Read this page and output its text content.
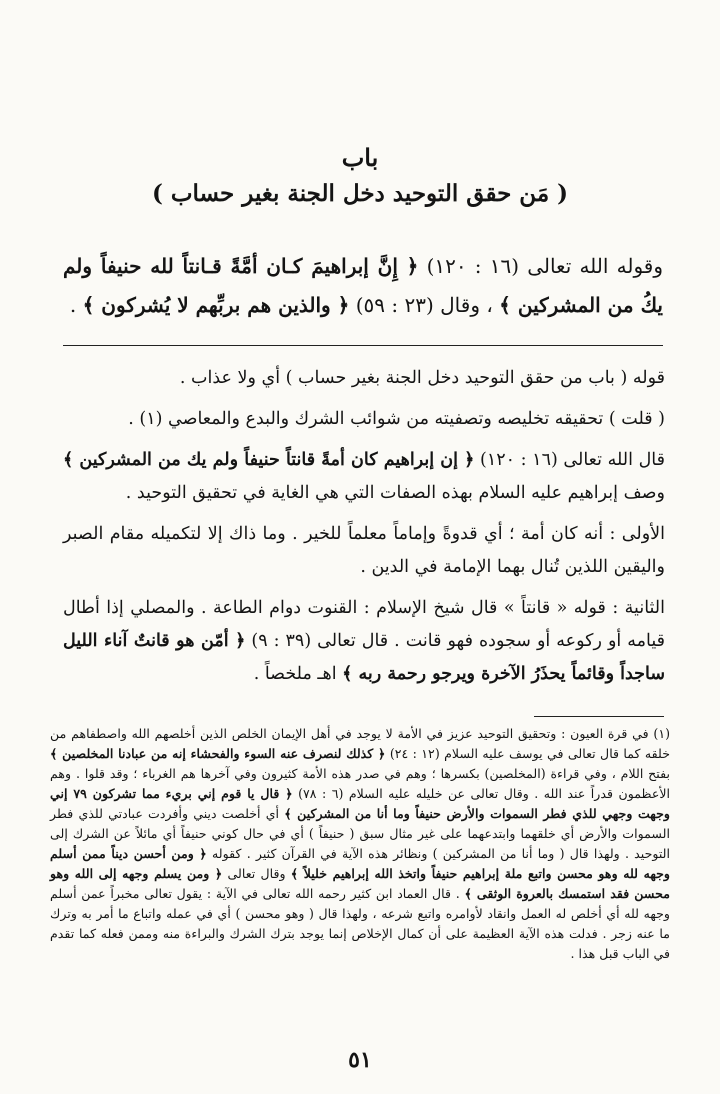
باب
( مَن حقق التوحيد دخل الجنة بغير حساب )
وقوله الله تعالى (١٦ : ١٢٠) ﴿ إِنَّ إبراهيمَ كـان أمَّةً قـانتاً لله حنيفاً ولم يكُ من المشركين ﴾ ، وقال (٢٣ : ٥٩) ﴿ والذين هم بربِّهم لا يُشركون ﴾ .

قوله ( باب من حقق التوحيد دخل الجنة بغير حساب ) أي ولا عذاب .

( قلت ) تحقيقه تخليصه وتصفيته من شوائب الشرك والبدع والمعاصي (١) .

قال الله تعالى (١٦ : ١٢٠) ﴿ إن إبراهيم كان أمةً قانتاً حنيفاً ولم يك من المشركين ﴾ وصف إبراهيم عليه السلام بهذه الصفات التي هي الغاية في تحقيق التوحيد .

الأولى : أنه كان أمة ؛ أي قدوةً وإماماً معلماً للخير . وما ذاك إلا لتكميله مقام الصبر واليقين اللذين تُنال بهما الإمامة في الدين .

الثانية : قوله « قانتاً » قال شيخ الإسلام : القنوت دوام الطاعة . والمصلي إذا أطال قيامه أو ركوعه أو سجوده فهو قانت . قال تعالى (٣٩ : ٩) ﴿ أمّن هو قانتٌ آناء الليل ساجداً وقائماً يحذَرُ الآخرة ويرجو رحمة ربه ﴾ اهـ ملخصاً .

(١) في قرة العيون : وتحقيق التوحيد عزيز في الأمة لا يوجد في أهل الإيمان الخلص الذين أخلصهم الله واصطفاهم من خلقه كما قال تعالى في يوسف عليه السلام (١٢ : ٢٤) ﴿ كذلك لنصرف عنه السوء والفحشاء إنه من عبادنا المخلصين ﴾ بفتح اللام ، وفي قراءة (المخلصين) بكسرها ؛ وهم في صدر هذه الأمة كثيرون وفي آخرها هم الغرباء ؛ وقد قلوا . وهم الأعظمون قدراً عند الله . وقال تعالى عن خليله عليه السلام (٦ : ٧٨) ﴿ قال يا قوم إني بريء مما تشركون ٧٩ إني وجهت وجهي للذي فطر السموات والأرض حنيفاً وما أنا من المشركين ﴾ أي أخلصت ديني وأفردت عبادتي للذي فطر السموات والأرض أي خلقهما وابتدعهما على غير مثال سبق ( حنيفاً ) أي في حال كوني حنيفاً أي مائلاً عن الشرك إلى التوحيد . ولهذا قال ( وما أنا من المشركين ) ونظائر هذه الآية في القرآن كثير . كقوله ﴿ ومن أحسن ديناً ممن أسلم وجهه لله وهو محسن واتبع ملة إبراهيم حنيفاً واتخذ الله إبراهيم خليلاً ﴾ وقال تعالى ﴿ ومن يسلم وجهه إلى الله وهو محسن فقد استمسك بالعروة الوثقى ﴾ . قال العماد ابن كثير رحمه الله تعالى في الآية : يقول تعالى مخبراً عمن أسلم وجهه لله أي أخلص له العمل وانقاد لأوامره واتبع شرعه ، ولهذا قال ( وهو محسن ) أي في عمله واتباع ما أمر به وترك ما عنه زجر . فدلت هذه الآية العظيمة على أن كمال الإخلاص إنما يوجد بترك الشرك والبراءة منه وممن فعله كما تقدم في الباب قبل هذا .
٥١
